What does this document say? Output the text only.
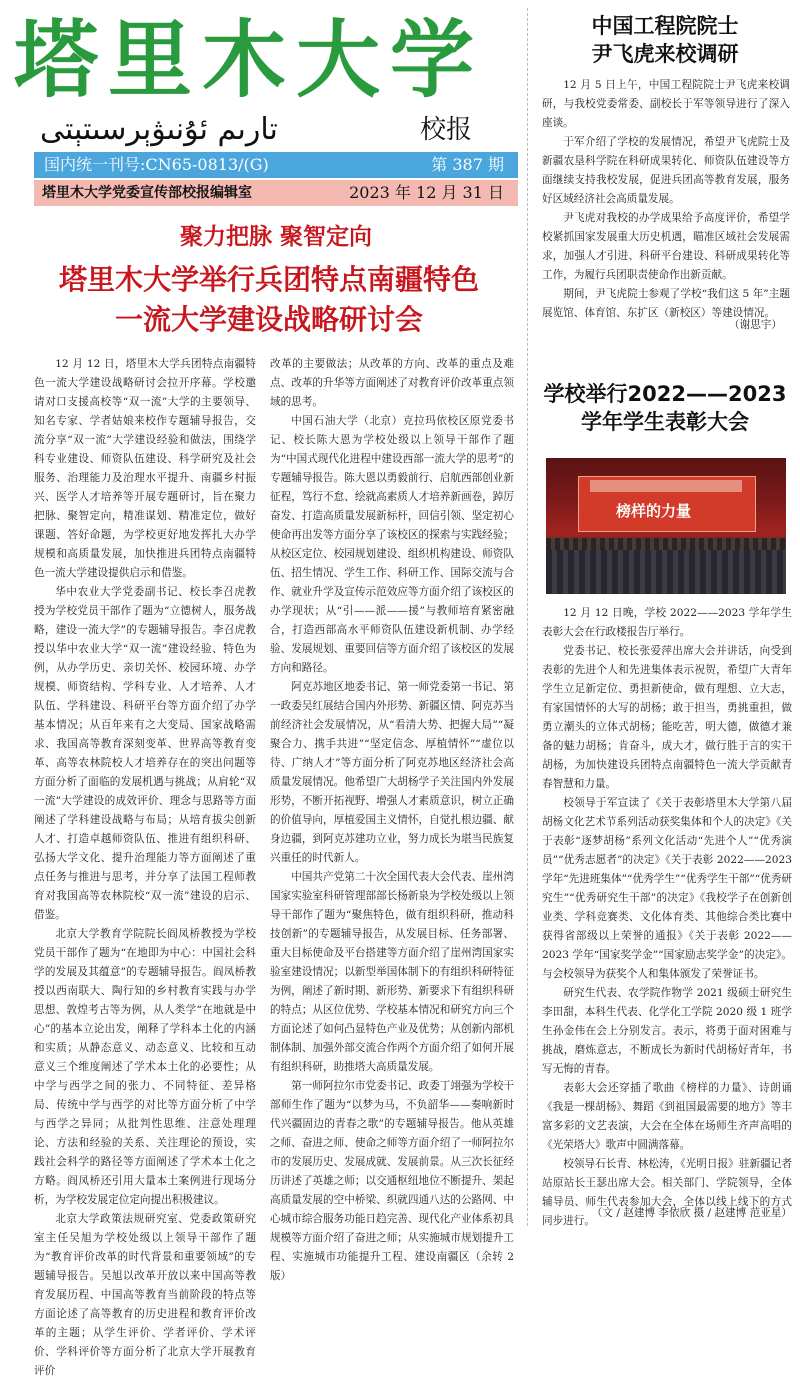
塔里木大学
تارىم ئۇنىۋېرسىتېتى	校报
国内统一刊号:CN65-0813/(G)	第 387 期
塔里木大学党委宣传部校报编辑室	2023 年 12 月 31 日
聚力把脉 聚智定向
塔里木大学举行兵团特点南疆特色
一流大学建设战略研讨会

12 月 12 日，塔里木大学兵团特点南疆特色一流大学建设战略研讨会拉开序幕。学校邀请对口支援高校等“双一流”大学的主要领导、知名专家、学者姑娘来校作专题辅导报告，交流分享“双一流”大学建设经验和做法，围绕学科专业建设、师资队伍建设、科学研究及社会服务、治理能力及治理水平提升、南疆乡村振兴、医学人才培养等开展专题研讨，旨在聚力把脉、聚智定向，精准谋划、精准定位，做好课题、答好命题，为学校更好地发挥扎大办学规模和高质量发展，加快推进兵团特点南疆特色一流大学建设提供启示和借鉴。

华中农业大学党委副书记、校长李召虎教授为学校党员干部作了题为“立德树人，服务战略，建设一流大学”的专题辅导报告。李召虎教授以华中农业大学“双一流”建设经验、特色为例，从办学历史、亲切关怀、校园环境、办学规模、师资结构、学科专业、人才培养、人才队伍、学科建设、科研平台等方面介绍了办学基本情况；从百年来有之大变局、国家战略需求、我国高等教育深刻变革、世界高等教育变革、高等农林院校人才培养存在的突出问题等方面分析了面临的发展机遇与挑战；从肩轮“双一流”大学建设的成效评价、理念与思路等方面阐述了学科建设战略与布局；从培育拔尖创新人才、打造卓越师资队伍、推进有组织科研、弘扬大学文化、提升治理能力等方面阐述了重点任务与推进与思考，并分享了法国工程师教育对我国高等农林院校“双一流”建设的启示、借鉴。

北京大学教育学院院长阎凤桥教授为学校党员干部作了题为“在地即为中心：中国社会科学的发展及其蕴意”的专题辅导报告。阎凤桥教授以西南联大、陶行知的乡村教育实践与办学思想、敦煌考古等为例，从人类学“在地就是中心”的基本立论出发，阐释了学科本土化的内涵和实质；从静态意义、动态意义、比较和互动意义三个维度阐述了学术本土化的必要性；从中学与西学之间的张力、不同特征、差异格局、传统中学与西学的对比等方面分析了中学与西学之异同；从批判性思维、注意处理理论、方法和经验的关系、关注理论的预设，实践社会科学的路径等方面阐述了学术本土化之方略。阎凤桥还引用大量本土案例进行现场分析，为学校发展定位定向提出积极建议。

北京大学政策法规研究室、党委政策研究室主任吴旭为学校处级以上领导干部作了题为“教育评价改革的时代背景和重要领域”的专题辅导报告。吴旭以改革开放以来中国高等教育发展历程、中国高等教育当前阶段的特点等方面论述了高等教育的历史进程和教育评价改革的主题；从学生评价、学者评价、学术评价、学科评价等方面分析了北京大学开展教育评价

改革的主要做法；从改革的方向、改革的重点及难点、改革的升华等方面阐述了对教育评价改革重点领域的思考。

中国石油大学（北京）克拉玛依校区原党委书记、校长陈大恩为学校处级以上领导干部作了题为“中国式现代化进程中建设西部一流大学的思考”的专题辅导报告。陈大恩以勇毅前行、启航西部创业新征程，笃行不怠、绘就高素质人才培养新画卷，踔厉奋发、打造高质量发展新标杆，回信引领、坚定初心使命再出发等方面分享了该校区的探索与实践经验；从校区定位、校园规划建设、组织机构建设、师资队伍、招生情况、学生工作、科研工作、国际交流与合作、就业升学及宣传示范效应等方面介绍了该校区的办学现状；从“引——派——援”与教师培育紧密融合，打造西部高水平师资队伍建设新机制、办学经验、发展规划、重要回信等方面介绍了该校区的发展方向和路径。

阿克苏地区地委书记、第一师党委第一书记、第一政委吴红展结合国内外形势、新疆区情、阿克苏当前经济社会发展情况，从“看清大势、把握大局”“凝聚合力、携手共进”“坚定信念、厚植情怀”“虚位以待、广纳人才”等方面分析了阿克苏地区经济社会高质量发展情况。他希望广大胡杨学子关注国内外发展形势，不断开拓视野、增强人才素质意识，树立正确的价值导向，厚植爱国主义情怀，自觉扎根边疆、献身边疆，到阿克苏建功立业，努力成长为堪当民族复兴重任的时代新人。

中国共产党第二十次全国代表大会代表、崖州湾国家实验室科研管理部部长杨新泉为学校处级以上领导干部作了题为“聚焦特色，做有组织科研，推动科技创新”的专题辅导报告，从发展目标、任务部署、重大目标使命及平台搭建等方面介绍了崖州湾国家实验室建设情况；以新型举国体制下的有组织科研特征为例，阐述了新时期、新形势、新要求下有组织科研的特点；从区位优势、学校基本情况和研究方向三个方面论述了如何凸显特色产业及优势；从创新内部机制体制、加强外部交流合作两个方面介绍了如何开展有组织科研，助推塔大高质量发展。

第一师阿拉尔市党委书记、政委丁翊强为学校干部师生作了题为“以梦为马，不负韶华——奏响新时代兴疆固边的青春之歌”的专题辅导报告。他从英雄之师、奋进之师、使命之师等方面介绍了一师阿拉尔市的发展历史、发展成就、发展前景。从三次长征经历讲述了英雄之师；以交通枢纽地位不断提升、架起高质量发展的空中桥梁、织就四通八达的公路网、中心城市综合服务功能日趋完善、现代化产业体系初具规模等方面介绍了奋进之师；从实施城市规划提升工程、实施城市功能提升工程、建设南疆区（余转 2 版）

中国工程院院士
尹飞虎来校调研

12 月 5 日上午，中国工程院院士尹飞虎来校调研，与我校党委常委、副校长于军等领导进行了深入座谈。

于军介绍了学校的发展情况，希望尹飞虎院士及新疆农垦科学院在科研成果转化、师资队伍建设等方面继续支持我校发展，促进兵团高等教育发展，服务好区域经济社会高质量发展。

尹飞虎对我校的办学成果给予高度评价，希望学校紧抓国家发展重大历史机遇，瞄准区域社会发展需求，加强人才引进、科研平台建设、科研成果转化等工作，为履行兵团职责使命作出新贡献。

期间，尹飞虎院士参观了学校“我们这 5 年”主题展览馆、体育馆、东扩区（新校区）等建设情况。

（谢思宇）
学校举行2022——2023
学年学生表彰大会
榜样的力量

12 月 12 日晚，学校 2022——2023 学年学生表彰大会在行政楼报告厅举行。

党委书记、校长张爱萍出席大会并讲话，向受到表彰的先进个人和先进集体表示祝贺，希望广大青年学生立足新定位、勇担新使命，做有理想、立大志，有家国情怀的大写的胡杨；敢于担当，勇挑重担，做勇立潮头的立体式胡杨；能吃苦，明大德，做德才兼备的魅力胡杨；肯奋斗，成大才，做行胜于言的实干胡杨，为加快建设兵团特点南疆特色一流大学贡献青春智慧和力量。

校领导于军宣读了《关于表彰塔里木大学第八届胡杨文化艺术节系列活动获奖集体和个人的决定》《关于表彰“逐梦胡杨”系列文化活动“先进个人”“优秀演员”“优秀志愿者”的决定》《关于表彰 2022——2023 学年“先进班集体”“优秀学生”“优秀学生干部”“优秀研究生”“优秀研究生干部”的决定》《我校学子在创新创业类、学科竞赛类、文化体育类、其他综合类比赛中获得省部级以上荣誉的通报》《关于表彰 2022——2023 学年“国家奖学金”“国家励志奖学金”的决定》。与会校领导为获奖个人和集体颁发了荣誉证书。

研究生代表、农学院作物学 2021 级硕士研究生李田甜，本科生代表、化学化工学院 2020 级 1 班学生孙金伟在会上分别发言。表示，将勇于面对困难与挑战，磨炼意志，不断成长为新时代胡杨好青年，书写无悔的青春。

表彰大会还穿插了歌曲《榜样的力量》、诗朗诵《我是一棵胡杨》、舞蹈《到祖国最需要的地方》等丰富多彩的文艺表演，大会在全体在场师生齐声高唱的《光荣塔大》歌声中圆满落幕。

校领导石长青、林松涛，《光明日报》驻新疆记者站原站长王瑟出席大会。相关部门、学院领导，全体辅导员、师生代表参加大会，全体以线上线下的方式同步进行。

（文 / 赵建博 李依欣 摄 / 赵建博 范亚星）
